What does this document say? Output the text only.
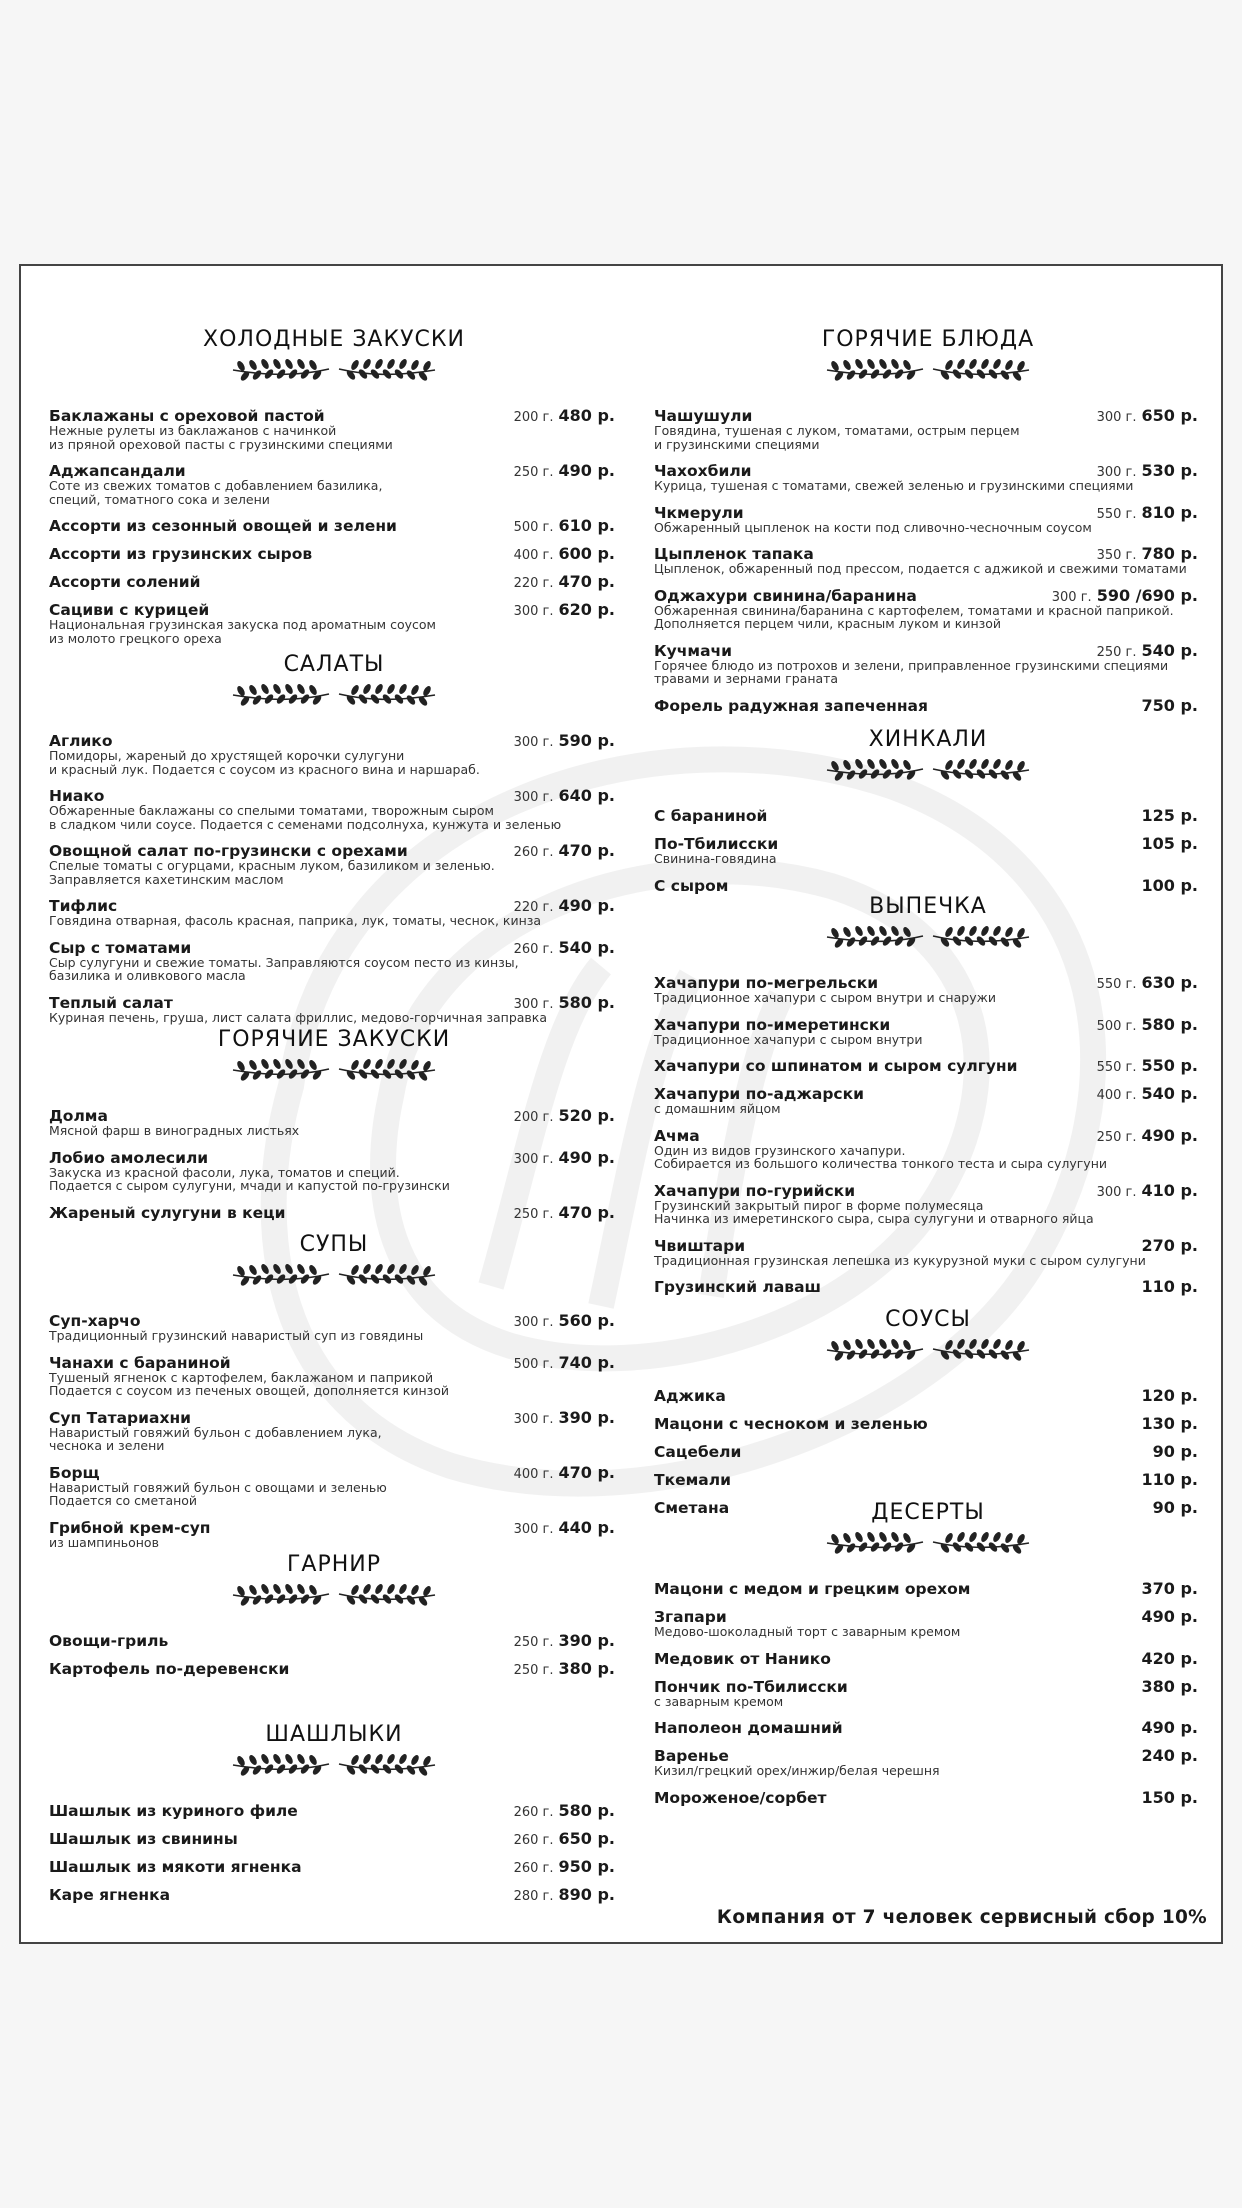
ХОЛОДНЫЕ ЗАКУСКИ
Баклажаны с ореховой пастой	200 г. 480 р.
Нежные рулеты из баклажанов с начинкой
из пряной ореховой пасты с грузинскими специями
Аджапсандали	250 г. 490 р.
Соте из свежих томатов с добавлением базилика,
специй, томатного сока и зелени
Ассорти из сезонный овощей и зелени	500 г. 610 р.
Ассорти из грузинских сыров	400 г. 600 р.
Ассорти солений	220 г. 470 р.
Сациви с курицей	300 г. 620 р.
Национальная грузинская закуска под ароматным соусом
из молото грецкого ореха
САЛАТЫ
Аглико	300 г. 590 р.
Помидоры, жареный до хрустящей корочки сулугуни
и красный лук. Подается с соусом из красного вина и наршараб.
Ниако	300 г. 640 р.
Обжаренные баклажаны со спелыми томатами, творожным сыром
в сладком чили соусе. Подается с семенами подсолнуха, кунжута и зеленью
Овощной салат по-грузински с орехами	260 г. 470 р.
Спелые томаты с огурцами, красным луком, базиликом и зеленью.
Заправляется кахетинским маслом
Тифлис	220 г. 490 р.
Говядина отварная, фасоль красная, паприка, лук, томаты, чеснок, кинза
Сыр с томатами	260 г. 540 р.
Сыр сулугуни и свежие томаты. Заправляются соусом песто из кинзы,
базилика и оливкового масла
Теплый салат	300 г. 580 р.
Куриная печень, груша, лист салата фриллис, медово-горчичная заправка
ГОРЯЧИЕ ЗАКУСКИ
Долма	200 г. 520 р.
Мясной фарш в виноградных листьях
Лобио амолесили	300 г. 490 р.
Закуска из красной фасоли, лука, томатов и специй.
Подается с сыром сулугуни, мчади и капустой по-грузински
Жареный сулугуни в кеци	250 г. 470 р.
СУПЫ
Суп-харчо	300 г. 560 р.
Традиционный грузинский наваристый суп из говядины
Чанахи с бараниной	500 г. 740 р.
Тушеный ягненок с картофелем, баклажаном и паприкой
Подается с соусом из печеных овощей, дополняется кинзой
Суп Татариахни	300 г. 390 р.
Наваристый говяжий бульон с добавлением лука,
чеснока и зелени
Борщ	400 г. 470 р.
Наваристый говяжий бульон с овощами и зеленью
Подается со сметаной
Грибной крем-суп	300 г. 440 р.
из шампиньонов
ГАРНИР
Овощи-гриль	250 г. 390 р.
Картофель по-деревенски	250 г. 380 р.
ШАШЛЫКИ
Шашлык из куриного филе	260 г. 580 р.
Шашлык из свинины	260 г. 650 р.
Шашлык из мякоти ягненка	260 г. 950 р.
Каре ягненка	280 г. 890 р.
ГОРЯЧИЕ БЛЮДА
Чашушули	300 г. 650 р.
Говядина, тушеная с луком, томатами, острым перцем
и грузинскими специями
Чахохбили	300 г. 530 р.
Курица, тушеная с томатами, свежей зеленью и грузинскими специями
Чкмерули	550 г. 810 р.
Обжаренный цыпленок на кости под сливочно-чесночным соусом
Цыпленок тапака	350 г. 780 р.
Цыпленок, обжаренный под прессом, подается с аджикой и свежими томатами
Оджахури свинина/баранина	300 г. 590 /690 р.
Обжаренная свинина/баранина с картофелем, томатами и красной паприкой.
Дополняется перцем чили, красным луком и кинзой
Кучмачи	250 г. 540 р.
Горячее блюдо из потрохов и зелени, приправленное грузинскими специями
травами и зернами граната
Форель радужная запеченная	750 р.
ХИНКАЛИ
С бараниной	125 р.
По-Тбилисски	105 р.
Свинина-говядина
С сыром	100 р.
ВЫПЕЧКА
Хачапури по-мегрельски	550 г. 630 р.
Традиционное хачапури с сыром внутри и снаружи
Хачапури по-имеретински	500 г. 580 р.
Традиционное хачапури с сыром внутри
Хачапури со шпинатом и сыром сулгуни	550 г. 550 р.
Хачапури по-аджарски	400 г. 540 р.
с домашним яйцом
Ачма	250 г. 490 р.
Один из видов грузинского хачапури.
Собирается из большого количества тонкого теста и сыра сулугуни
Хачапури по-гурийски	300 г. 410 р.
Грузинский закрытый пирог в форме полумесяца
Начинка из имеретинского сыра, сыра сулугуни и отварного яйца
Чвиштари	270 р.
Традиционная грузинская лепешка из кукурузной муки с сыром сулугуни
Грузинский лаваш	110 р.
СОУСЫ
Аджика	120 р.
Мацони с чесноком и зеленью	130 р.
Сацебели	90 р.
Ткемали	110 р.
Сметана	90 р.
ДЕСЕРТЫ
Мацони с медом и грецким орехом	370 р.
Згапари	490 р.
Медово-шоколадный торт с заварным кремом
Медовик от Нанико	420 р.
Пончик по-Тбилисски	380 р.
с заварным кремом
Наполеон домашний	490 р.
Варенье	240 р.
Кизил/грецкий орех/инжир/белая черешня
Мороженое/сорбет	150 р.
Компания от 7 человек сервисный сбор 10%
